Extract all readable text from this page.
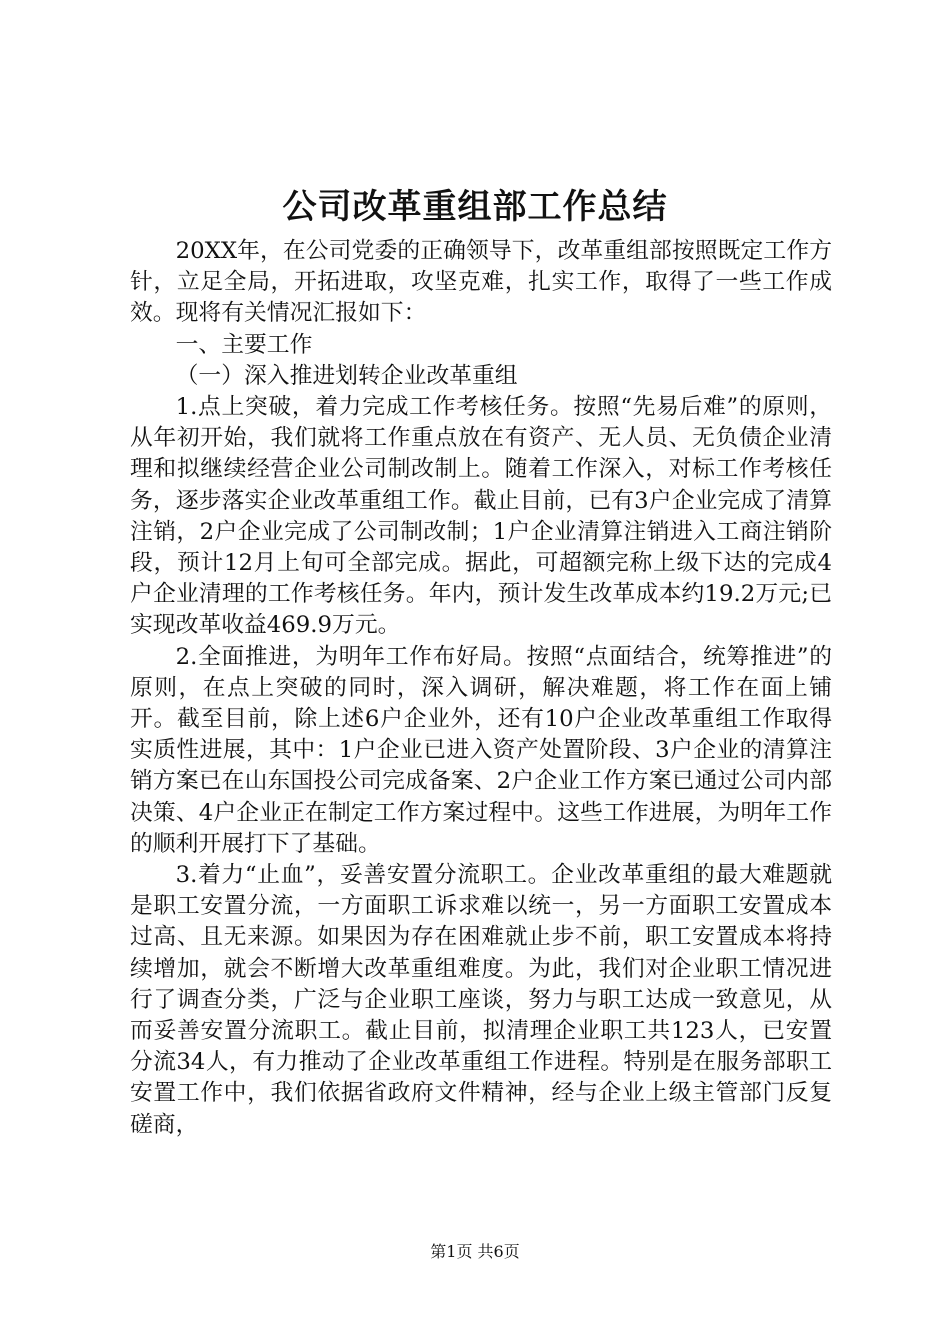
公司改革重组部工作总结

20XX年，在公司党委的正确领导下，改革重组部按照既定工作方针，立足全局，开拓进取，攻坚克难，扎实工作，取得了一些工作成效。现将有关情况汇报如下：

一、主要工作

（一）深入推进划转企业改革重组

1.点上突破，着力完成工作考核任务。按照“先易后难”的原则，从年初开始，我们就将工作重点放在有资产、无人员、无负债企业清理和拟继续经营企业公司制改制上。随着工作深入，对标工作考核任务，逐步落实企业改革重组工作。截止目前，已有3户企业完成了清算注销，2户企业完成了公司制改制；1户企业清算注销进入工商注销阶段，预计12月上旬可全部完成。据此，可超额完称上级下达的完成4户企业清理的工作考核任务。年内，预计发生改革成本约19.2万元;已实现改革收益469.9万元。

2.全面推进，为明年工作布好局。按照“点面结合，统筹推进”的原则，在点上突破的同时，深入调研，解决难题，将工作在面上铺开。截至目前，除上述6户企业外，还有10户企业改革重组工作取得实质性进展，其中：1户企业已进入资产处置阶段、3户企业的清算注销方案已在山东国投公司完成备案、2户企业工作方案已通过公司内部决策、4户企业正在制定工作方案过程中。这些工作进展，为明年工作的顺利开展打下了基础。

3.着力“止血”，妥善安置分流职工。企业改革重组的最大难题就是职工安置分流，一方面职工诉求难以统一，另一方面职工安置成本过高、且无来源。如果因为存在困难就止步不前，职工安置成本将持续增加，就会不断增大改革重组难度。为此，我们对企业职工情况进行了调查分类，广泛与企业职工座谈，努力与职工达成一致意见，从而妥善安置分流职工。截止目前，拟清理企业职工共123人，已安置分流34人，有力推动了企业改革重组工作进程。特别是在服务部职工安置工作中，我们依据省政府文件精神，经与企业上级主管部门反复磋商，

第1页 共6页
